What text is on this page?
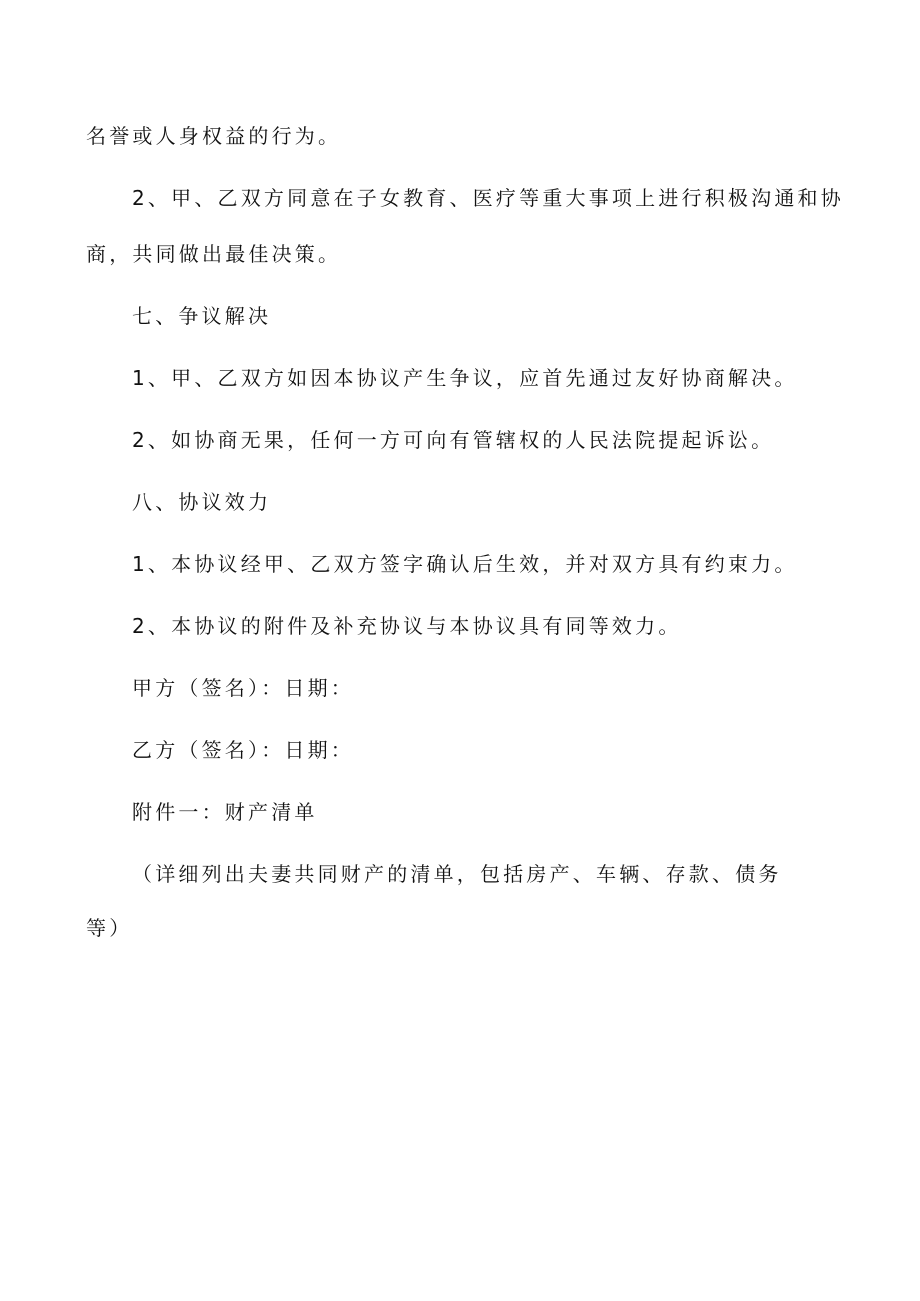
名誉或人身权益的行为。

2、甲、乙双方同意在子女教育、医疗等重大事项上进行积极沟通和协

商，共同做出最佳决策。

七、争议解决

1、甲、乙双方如因本协议产生争议，应首先通过友好协商解决。

2、如协商无果，任何一方可向有管辖权的人民法院提起诉讼。

八、协议效力

1、本协议经甲、乙双方签字确认后生效，并对双方具有约束力。

2、本协议的附件及补充协议与本协议具有同等效力。

甲方（签名）：日期：

乙方（签名）：日期：

附件一：财产清单

（详细列出夫妻共同财产的清单，包括房产、车辆、存款、债务

等）
